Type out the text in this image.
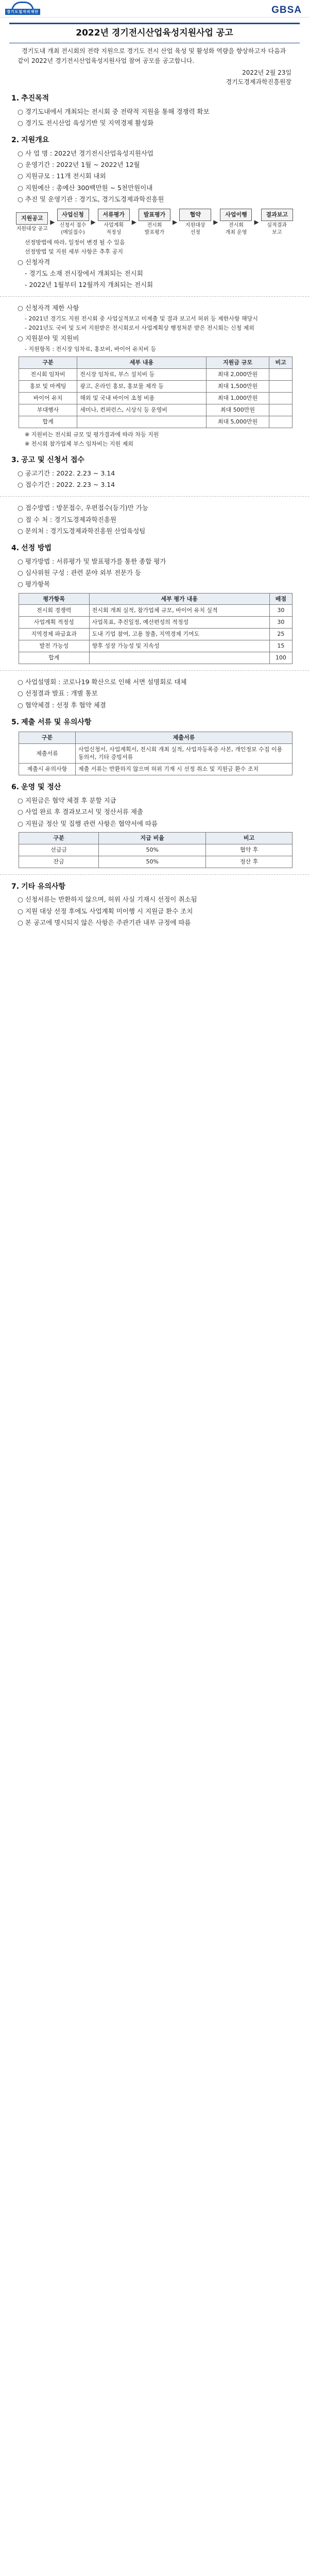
경기도일자리재단	GBSA
2022년 경기전시산업육성지원사업 공고

경기도내 개최 전시회의 전략 지원으로 경기도 전시 산업 육성 및 활성화 역량을 향상하고자 다음과 같이 2022년 경기전시산업육성지원사업 참여 공모를 공고합니다.

2022년 2월 23일

경기도경제과학진흥원장

1. 추진목적

○ 경기도내에서 개최되는 전시회 중 전략적 지원을 통해 경쟁력 확보

○ 경기도 전시산업 육성기반 및 지역경제 활성화

2. 지원개요

○ 사 업 명 : 2022년 경기전시산업육성지원사업

○ 운영기간 : 2022년 1월 ~ 2022년 12월

○ 지원규모 : 11개 전시회 내외

○ 지원예산 : 총예산 300백만원 ~ 5천만원이내

○ 추진 및 운영기관 : 경기도, 경기도경제과학진흥원

지원공고
지원대상 공고
▶
사업신청
신청서 접수
(메일접수)
▶
서류평가
사업계획
적정성
▶
발표평가
전시회
발표평가
▶
협약
지원대상
선정
▶
사업이행
전시회
개최 운영
▶
결과보고
실적결과
보고

선정방법에 따라, 일정이 변경 될 수 있음

선정방법 및 지원 세부 사항은 추후 공지

○ 신청자격

- 경기도 소재 전시장에서 개최되는 전시회

- 2022년 1월부터 12월까지 개최되는 전시회

○ 신청자격 제한 사항

- 2021년 경기도 지원 전시회 중 사업실적보고 미제출 및 결과 보고서 허위 등 제한사항 해당시

- 2021년도 국비 및 도비 지원받은 전시회로서 사업계획상 행정처분 받은 전시회는 신청 제외

○ 지원분야 및 지원비

- 지원항목 : 전시장 임차료, 홍보비, 바이어 유치비 등

구분	세부 내용	지원금 규모	비고
전시회 임차비	전시장 임차료, 부스 설치비 등	최대 2,000만원	
홍보 및 마케팅	광고, 온라인 홍보, 홍보물 제작 등	최대 1,500만원	
바이어 유치	해외 및 국내 바이어 초청 비용	최대 1,000만원	
부대행사	세미나, 컨퍼런스, 시상식 등 운영비	최대 500만원	
합계		최대 5,000만원	

※ 지원비는 전시회 규모 및 평가결과에 따라 차등 지원

※ 전시회 참가업체 부스 임차비는 지원 제외

3. 공고 및 신청서 접수

○ 공고기간 : 2022. 2.23 ~ 3.14

○ 접수기간 : 2022. 2.23 ~ 3.14

○ 접수방법 : 방문접수, 우편접수(등기)만 가능

○ 접 수 처 : 경기도경제과학진흥원

○ 문의처 : 경기도경제과학진흥원 산업육성팀

4. 선정 방법

○ 평가방법 : 서류평가 및 발표평가를 통한 종합 평가

○ 심사위원 구성 : 관련 분야 외부 전문가 등

○ 평가항목

평가항목	세부 평가 내용	배점
전시회 경쟁력	전시회 개최 실적, 참가업체 규모, 바이어 유치 실적	30
사업계획 적정성	사업목표, 추진일정, 예산편성의 적정성	30
지역경제 파급효과	도내 기업 참여, 고용 창출, 지역경제 기여도	25
발전 가능성	향후 성장 가능성 및 지속성	15
합계		100

○ 사업설명회 : 코로나19 확산으로 인해 서면 설명회로 대체

○ 선정결과 발표 : 개별 통보

○ 협약체결 : 선정 후 협약 체결

5. 제출 서류 및 유의사항
구분	제출서류
제출서류	사업신청서, 사업계획서, 전시회 개최 실적, 사업자등록증 사본, 개인정보 수집 이용 동의서, 기타 증빙서류
제출시 유의사항	제출 서류는 반환하지 않으며 허위 기재 시 선정 취소 및 지원금 환수 조치
6. 운영 및 정산

○ 지원금은 협약 체결 후 분할 지급

○ 사업 완료 후 결과보고서 및 정산서류 제출

○ 지원금 정산 및 집행 관련 사항은 협약서에 따름

구분	지급 비율	비고
선급금	50%	협약 후
잔금	50%	정산 후
7. 기타 유의사항

○ 신청서류는 반환하지 않으며, 허위 사실 기재시 선정이 취소됨

○ 지원 대상 선정 후에도 사업계획 미이행 시 지원금 환수 조치

○ 본 공고에 명시되지 않은 사항은 주관기관 내부 규정에 따름
